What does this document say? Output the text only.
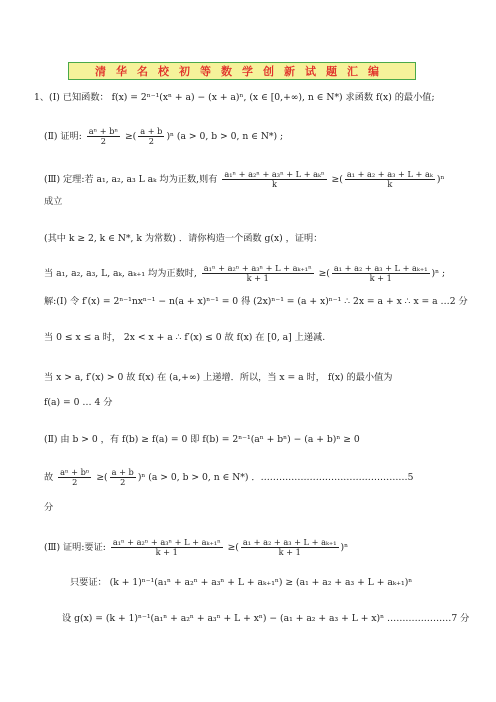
清华名校初等数学创新试题汇编
1、(Ⅰ) 已知函数： f(x) = 2ⁿ⁻¹(xⁿ + a) − (x + a)ⁿ, (x ∈ [0,+∞), n ∈ N*) 求函数 f(x) 的最小值;
(Ⅱ) 证明: $\frac{\text{aⁿ + bⁿ}}{2}$ ≥( $\frac{a + b}{2} )^n$ (a > 0, b > 0, n ∈ N*) ;
(Ⅲ) 定理:若 a₁, a₂, a₃ L aₖ 均为正数,则有 $\frac{\text{a₁ⁿ + a₂ⁿ + a₃ⁿ + L + aₖⁿ}}{k}$ ≥( $\frac{\text{a₁ + a₂ + a₃ + L + aₖ}}{k} )^n$
成立
(其中 k ≥ 2, k ∈ N*, k 为常数) ．请你构造一个函数 g(x) ，证明：
当 a₁, a₂, a₃, L, aₖ, aₖ₊₁ 均为正数时, $\frac{\text{a₁ⁿ + a₂ⁿ + a₃ⁿ + L + aₖ₊₁ⁿ}}{k + 1}$ ≥( $\frac{\text{a₁ + a₂ + a₃ + L + aₖ₊₁}}{k + 1} )^n$ ;
解:(Ⅰ) 令 f′(x) = 2ⁿ⁻¹nxⁿ⁻¹ − n(a + x)ⁿ⁻¹ = 0 得 (2x)ⁿ⁻¹ = (a + x)ⁿ⁻¹ ∴ 2x = a + x ∴ x = a …2 分
当 0 ≤ x ≤ a 时， 2x < x + a ∴ f′(x) ≤ 0 故 f(x) 在 [0, a] 上递减.
当 x > a, f′(x) > 0 故 f(x) 在 (a,+∞) 上递增．所以，当 x = a 时， f(x) 的最小值为
f(a) = 0 … 4 分
(Ⅱ) 由 b > 0 ，有 f(b) ≥ f(a) = 0 即 f(b) = 2ⁿ⁻¹(aⁿ + bⁿ) − (a + b)ⁿ ≥ 0
故 $\frac{\text{aⁿ + bⁿ}}{2}$ ≥( $\frac{a + b}{2} )^n$ (a > 0, b > 0, n ∈ N*) ．…………………………………………5
分
(Ⅲ) 证明:要证: $\frac{\text{a₁ⁿ + a₂ⁿ + a₃ⁿ + L + aₖ₊₁ⁿ}}{k + 1}$ ≥( $\frac{\text{a₁ + a₂ + a₃ + L + aₖ₊₁}}{k + 1} )^n$
只要证： (k + 1)ⁿ⁻¹(a₁ⁿ + a₂ⁿ + a₃ⁿ + L + aₖ₊₁ⁿ) ≥ (a₁ + a₂ + a₃ + L + aₖ₊₁)ⁿ
设 g(x) = (k + 1)ⁿ⁻¹(a₁ⁿ + a₂ⁿ + a₃ⁿ + L + xⁿ) − (a₁ + a₂ + a₃ + L + x)ⁿ …………………7 分
